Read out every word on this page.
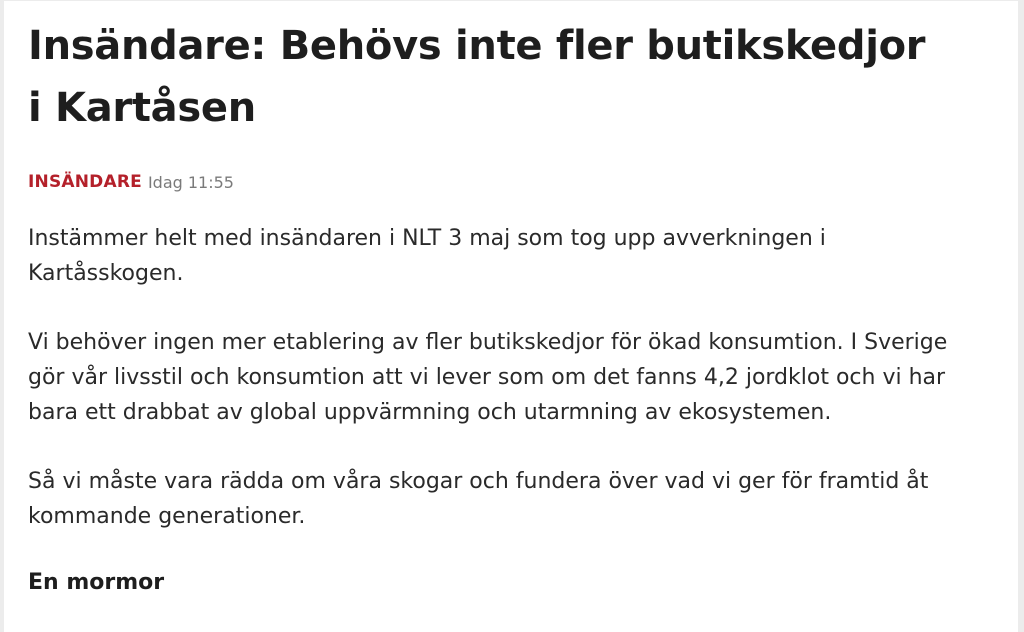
Insändare: Behövs inte fler butikskedjor
i Kartåsen
INSÄNDARE Idag 11:55

Instämmer helt med insändaren i NLT 3 maj som tog upp avverkningen i Kartåsskogen.

Vi behöver ingen mer etablering av fler butikskedjor för ökad konsumtion. I Sverige gör vår livsstil och konsumtion att vi lever som om det fanns 4,2 jordklot och vi har bara ett drabbat av global uppvärmning och utarmning av ekosystemen.

Så vi måste vara rädda om våra skogar och fundera över vad vi ger för framtid åt kommande generationer.

En mormor
